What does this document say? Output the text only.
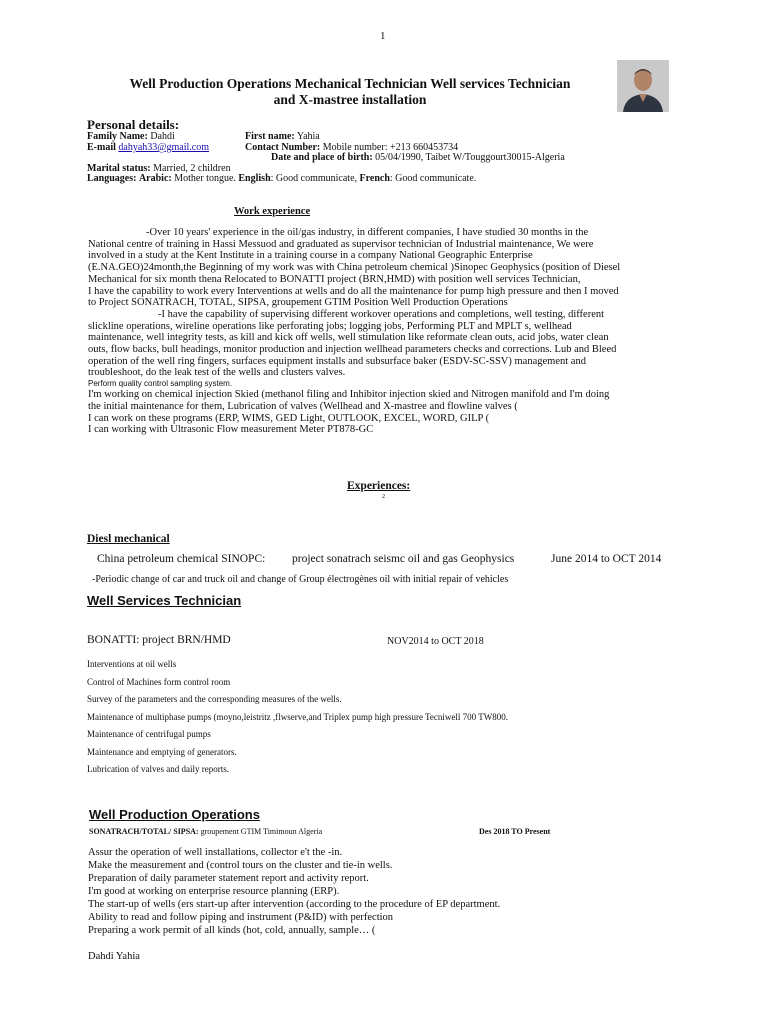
1
Well Production Operations Mechanical Technician Well services Technician
and X-mastree installation
Personal details:
Family Name: Dahdi	First name: Yahia
E-mail dahyah33@gmail.com	Contact Number: Mobile number: +213 660453734
Date and place of birth: 05/04/1990, Taibet W/Touggourt30015-Algeria
Marital status: Married, 2 children
Languages: Arabic: Mother tongue. English: Good communicate, French: Good communicate.
Work experience
-Over 10 years' experience in the oil/gas industry, in different companies, I have studied 30 months in the
National centre of training in Hassi Messuod and graduated as supervisor technician of Industrial maintenance, We were
involved in a study at the Kent Institute in a training course in a company National Geographic Enterprise
(E.NA.GEO)24month,the Beginning of my work was with China petroleum chemical )Sinopec Geophysics (position of Diesel
Mechanical for six month thena Relocated to BONATTI project (BRN,HMD) with position well services Technician,
I have the capability to work every Interventions at wells and do all the maintenance for pump high pressure and then I moved
to Project SONATRACH, TOTAL, SIPSA, groupement GTIM Position Well Production Operations
-I have the capability of supervising different workover operations and completions, well testing, different
slickline operations, wireline operations like perforating jobs; logging jobs, Performing PLT and MPLT s, wellhead
maintenance, well integrity tests, as kill and kick off wells, well stimulation like reformate clean outs, acid jobs, water clean
outs, flow backs, bull headings, monitor production and injection wellhead parameters checks and corrections. Lub and Bleed
operation of the well ring fingers, surfaces equipment installs and subsurface baker (ESDV-SC-SSV) management and
troubleshoot, do the leak test of the wells and clusters valves.
Perform quality control sampling system.
I'm working on chemical injection Skied (methanol filing and Inhibitor injection skied and Nitrogen manifold and I'm doing
the initial maintenance for them, Lubrication of valves (Wellhead and X-mastree and flowline valves (
I can work on these programs (ERP, WIMS, GED Light, OUTLOOK, EXCEL, WORD, GILP (
I can working with Ultrasonic Flow measurement Meter PT878-GC
Experiences:
2
Diesl mechanical
China petroleum chemical SINOPC: project sonatrach seismc oil and gas Geophysics	June 2014 to OCT 2014
-Periodic change of car and truck oil and change of Group électrogènes oil with initial repair of vehicles
Well Services Technician
BONATTI: project BRN/HMD	NOV2014 to OCT 2018
Interventions at oil wells
Control of Machines form control room
Survey of the parameters and the corresponding measures of the wells.
Maintenance of multiphase pumps (moyno,leistritz ,flwserve,and Triplex pump high pressure Tecniwell 700 TW800.
Maintenance of centrifugal pumps
Maintenance and emptying of generators.
Lubrication of valves and daily reports.
Well Production Operations
SONATRACH/TOTAL/ SIPSA: groupement GTIM Timimoun Algeria	Des 2018 TO Present
Assur the operation of well installations, collector e't the -in.
Make the measurement and (control tours on the cluster and tie-in wells.
Preparation of daily parameter statement report and activity report.
I'm good at working on enterprise resource planning (ERP).
The start-up of wells (ers start-up after intervention (according to the procedure of EP department.
Ability to read and follow piping and instrument (P&ID) with perfection
Preparing a work permit of all kinds (hot, cold, annually, sample… (
Dahdi Yahia
